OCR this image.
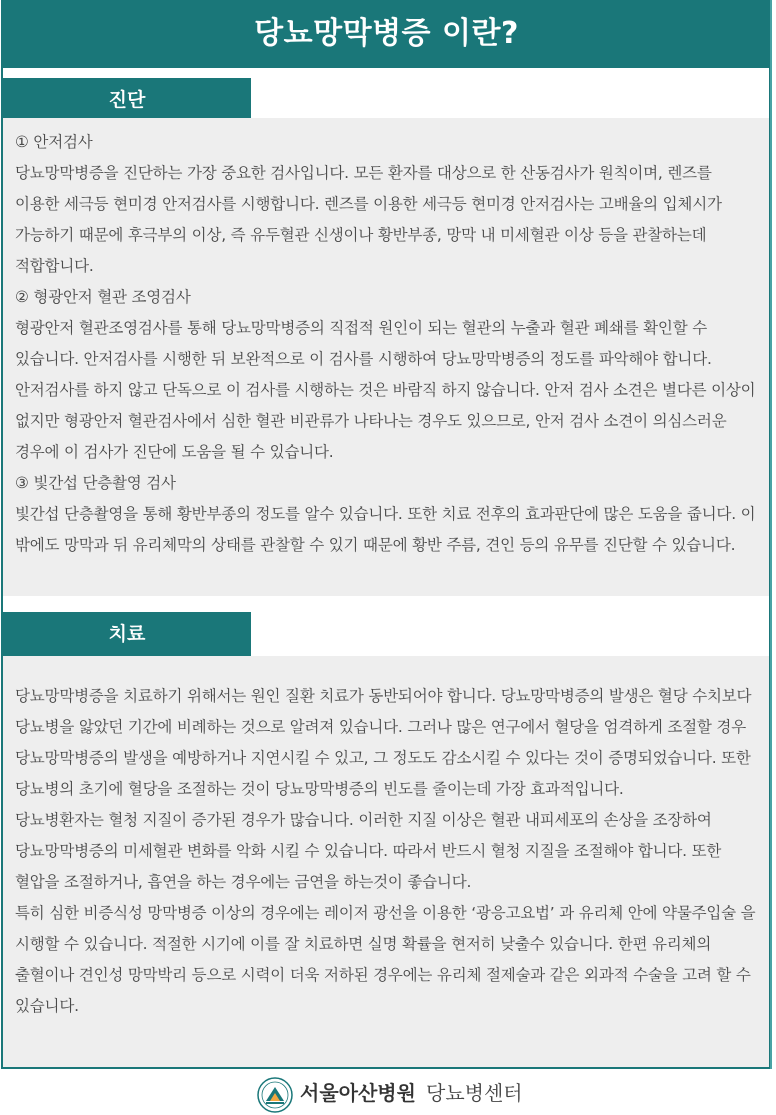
당뇨망막병증 이란?
진단

① 안저검사

당뇨망막병증을 진단하는 가장 중요한 검사입니다. 모든 환자를 대상으로 한 산동검사가 원칙이며, 렌즈를 이용한 세극등 현미경 안저검사를 시행합니다. 렌즈를 이용한 세극등 현미경 안저검사는 고배율의 입체시가 가능하기 때문에 후극부의 이상, 즉 유두혈관 신생이나 황반부종, 망막 내 미세혈관 이상 등을 관찰하는데 적합합니다.

② 형광안저 혈관 조영검사

형광안저 혈관조영검사를 통해 당뇨망막병증의 직접적 원인이 되는 혈관의 누출과 혈관 폐쇄를 확인할 수 있습니다. 안저검사를 시행한 뒤 보완적으로 이 검사를 시행하여 당뇨망막병증의 정도를 파악해야 합니다.안저검사를 하지 않고 단독으로 이 검사를 시행하는 것은 바람직 하지 않습니다. 안저 검사 소견은 별다른 이상이 없지만 형광안저 혈관검사에서 심한 혈관 비관류가 나타나는 경우도 있으므로, 안저 검사 소견이 의심스러운 경우에 이 검사가 진단에 도움을 될 수 있습니다.

③ 빛간섭 단층촬영 검사

빛간섭 단층촬영을 통해 황반부종의 정도를 알수 있습니다. 또한 치료 전후의 효과판단에 많은 도움을 줍니다. 이 밖에도 망막과 뒤 유리체막의 상태를 관찰할 수 있기 때문에 황반 주름, 견인 등의 유무를 진단할 수 있습니다.

치료

당뇨망막병증을 치료하기 위해서는 원인 질환 치료가 동반되어야 합니다. 당뇨망막병증의 발생은 혈당 수치보다 당뇨병을 앓았던 기간에 비례하는 것으로 알려져 있습니다. 그러나 많은 연구에서 혈당을 엄격하게 조절할 경우 당뇨망막병증의 발생을 예방하거나 지연시킬 수 있고, 그 정도도 감소시킬 수 있다는 것이 증명되었습니다. 또한 당뇨병의 초기에 혈당을 조절하는 것이 당뇨망막병증의 빈도를 줄이는데 가장 효과적입니다.

당뇨병환자는 혈청 지질이 증가된 경우가 많습니다. 이러한 지질 이상은 혈관 내피세포의 손상을 조장하여 당뇨망막병증의 미세혈관 변화를 악화 시킬 수 있습니다. 따라서 반드시 혈청 지질을 조절해야 합니다. 또한 혈압을 조절하거나, 흡연을 하는 경우에는 금연을 하는것이 좋습니다.

특히 심한 비증식성 망막병증 이상의 경우에는 레이저 광선을 이용한 ‘광응고요법’ 과 유리체 안에 약물주입술 을 시행할 수 있습니다. 적절한 시기에 이를 잘 치료하면 실명 확률을 현저히 낮출수 있습니다. 한편 유리체의 출혈이나 견인성 망막박리 등으로 시력이 더욱 저하된 경우에는 유리체 절제술과 같은 외과적 수술을 고려 할 수 있습니다.

서울아산병원 당뇨병센터
